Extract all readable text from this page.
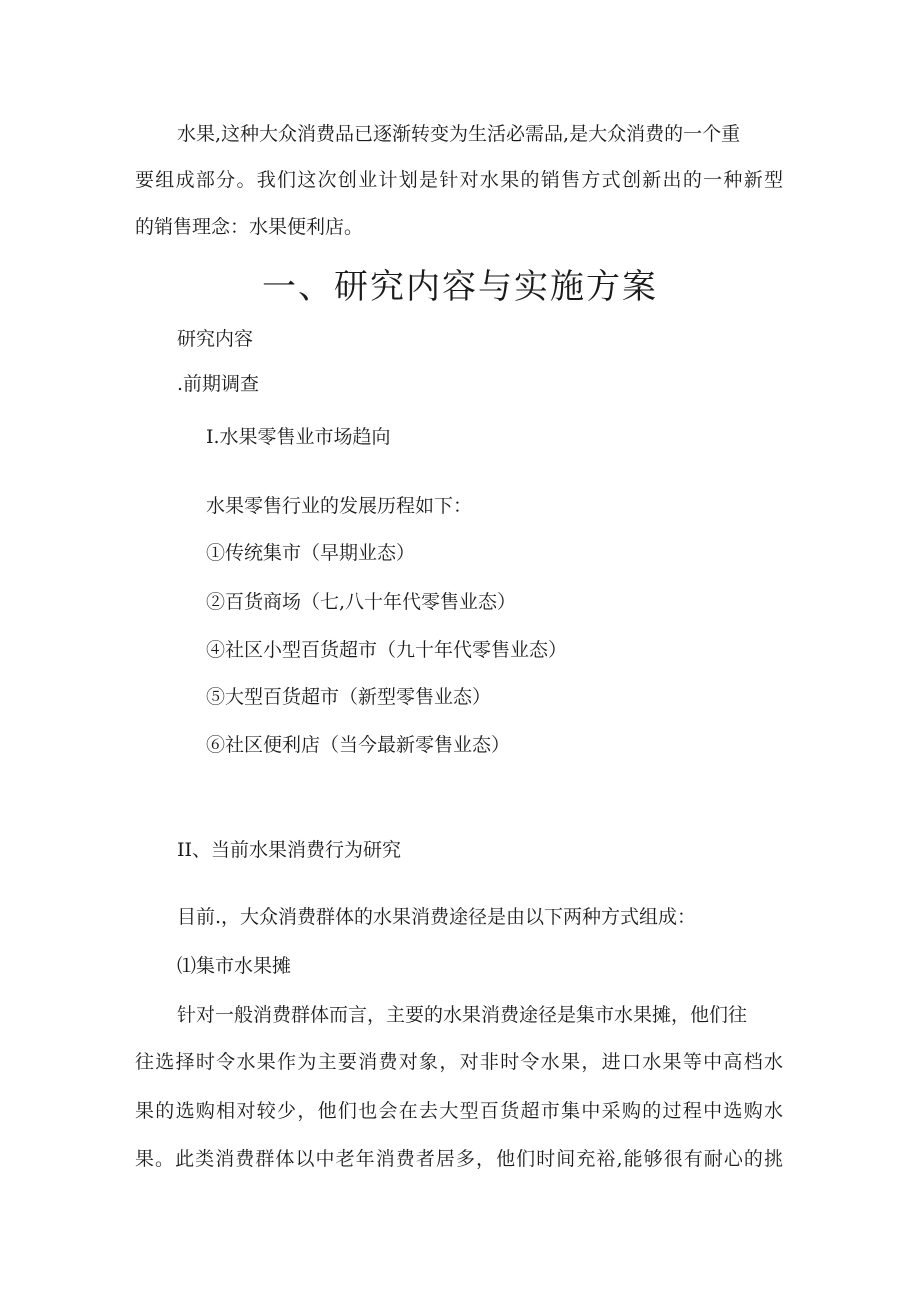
水果,这种大众消费品已逐渐转变为生活必需品,是大众消费的一个重
要组成部分。我们这次创业计划是针对水果的销售方式创新出的一种新型
的销售理念：水果便利店。
一、研究内容与实施方案
研究内容
.前期调查
I.水果零售业市场趋向
水果零售行业的发展历程如下：
①传统集市（早期业态）
②百货商场（七,八十年代零售业态）
④社区小型百货超市（九十年代零售业态）
⑤大型百货超市（新型零售业态）
⑥社区便利店（当今最新零售业态）
II、当前水果消费行为研究
目前.，大众消费群体的水果消费途径是由以下两种方式组成：
⑴集市水果摊
针对一般消费群体而言，主要的水果消费途径是集市水果摊，他们往
往选择时令水果作为主要消费对象，对非时令水果，进口水果等中高档水
果的选购相对较少，他们也会在去大型百货超市集中采购的过程中选购水
果。此类消费群体以中老年消费者居多，他们时间充裕,能够很有耐心的挑
